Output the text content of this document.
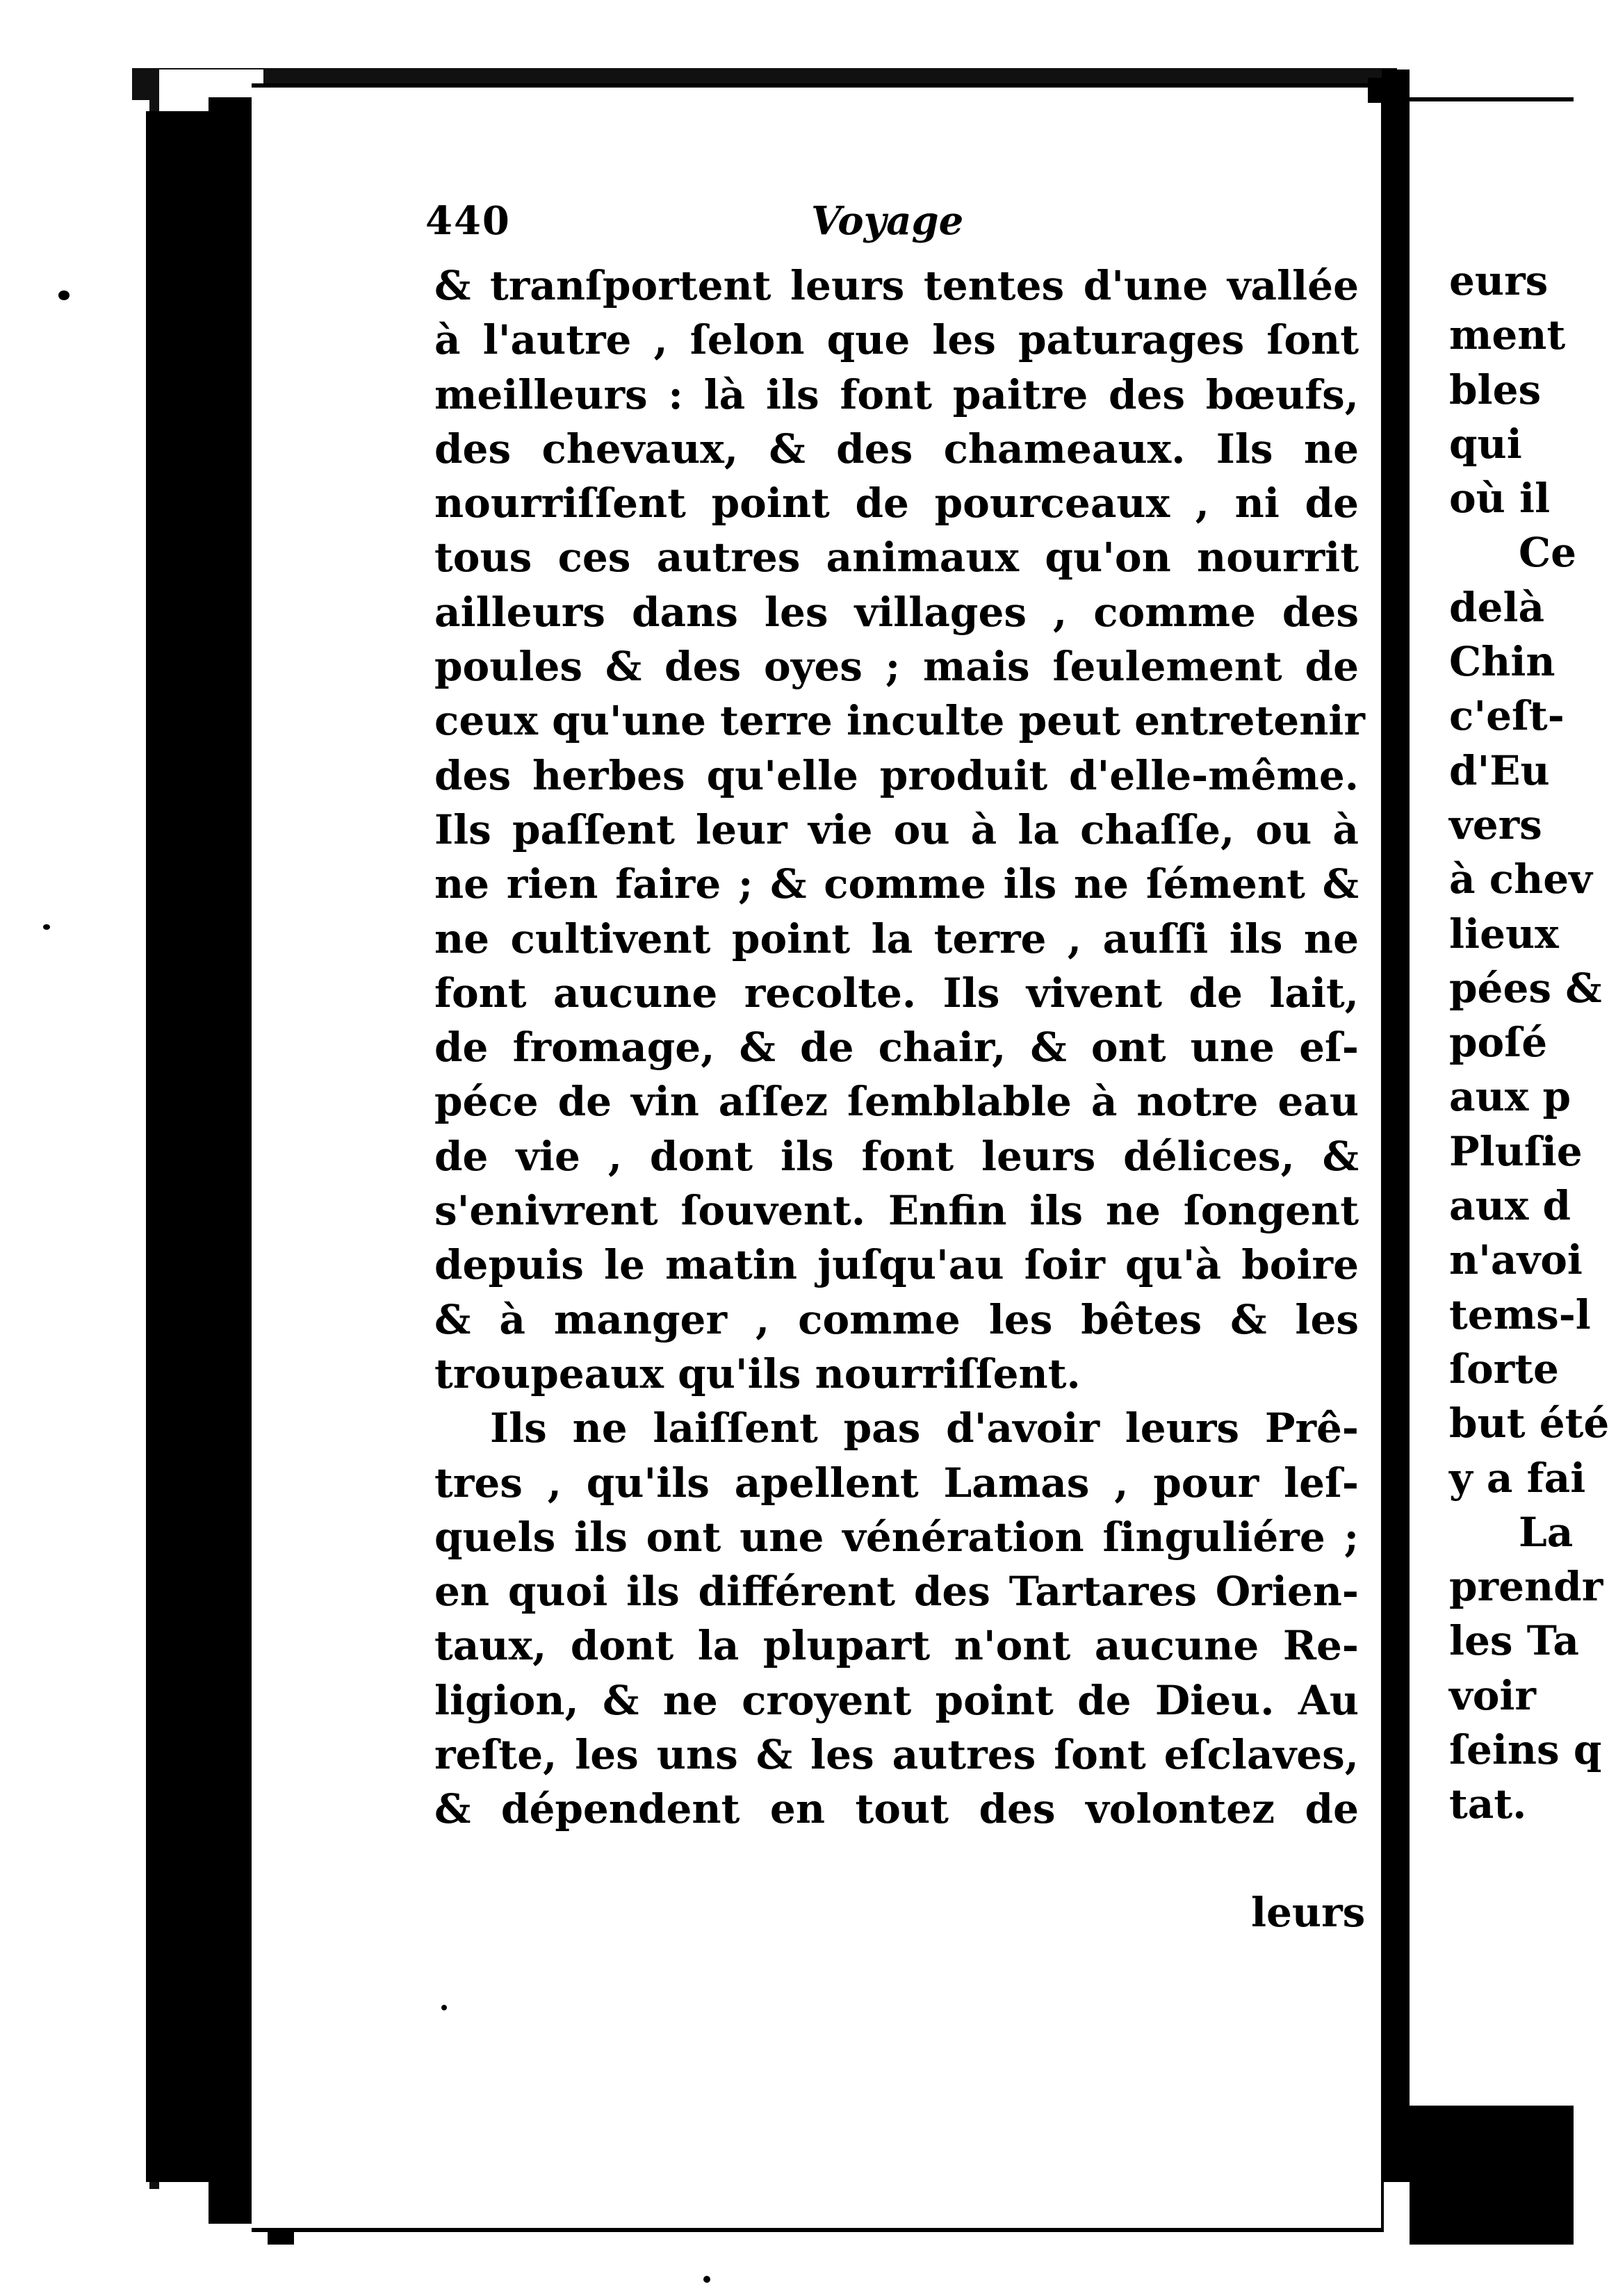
440	Voyage
& tranſportent leurs tentes d'une vallée
à l'autre , ſelon que les paturages ſont
meilleurs : là ils font paitre des bœufs,
des chevaux, & des chameaux. Ils ne
nourriſſent point de pourceaux , ni de
tous ces autres animaux qu'on nourrit
ailleurs dans les villages , comme des
poules & des oyes ; mais ſeulement de
ceux qu'une terre inculte peut entretenir
des herbes qu'elle produit d'elle-même.
Ils paſſent leur vie ou à la chaſſe, ou à
ne rien faire ; & comme ils ne ſément &
ne cultivent point la terre , auſſi ils ne
font aucune recolte. Ils vivent de lait,
de fromage, & de chair, & ont une eſ-
péce de vin aſſez ſemblable à notre eau
de vie , dont ils font leurs délices, &
s'enivrent ſouvent. Enfin ils ne ſongent
depuis le matin juſqu'au ſoir qu'à boire
& à manger , comme les bêtes & les
troupeaux qu'ils nourriſſent.
Ils ne laiſſent pas d'avoir leurs Prê-
tres , qu'ils apellent Lamas , pour leſ-
quels ils ont une vénération ſinguliére ;
en quoi ils différent des Tartares Orien-
taux, dont la plupart n'ont aucune Re-
ligion, & ne croyent point de Dieu. Au
reſte, les uns & les autres ſont eſclaves,
& dépendent en tout des volontez de
leurs
eurs
ment
bles
qui
où il
Ce
delà
Chin
c'eſt-
d'Eu
vers
à chev
lieux
pées &
poſé
aux p
Pluſie
aux d
n'avoi
tems-l
ſorte
but été
y a fai
La
prendr
les Ta
voir
ſeins q
tat.
